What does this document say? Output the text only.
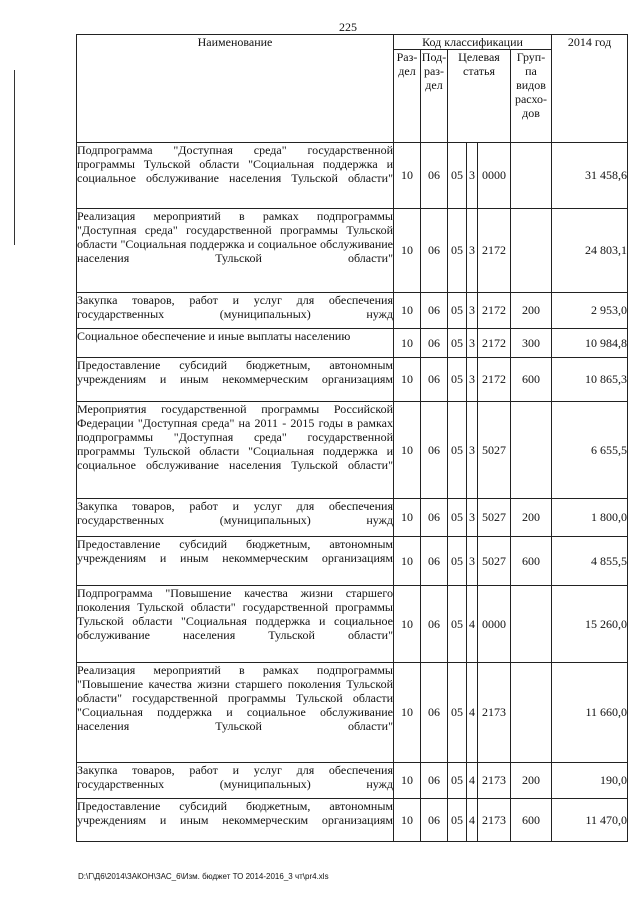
225
Наименование	Код классификации						2014 год
	Раз-дел	Под-раз-дел	Целевая статья			Груп-па видов расхо-дов	
Подпрограмма "Доступная среда" государственной программы Тульской области "Социальная поддержка и социальное обслуживание населения Тульской области"	10	06	05	3	0000		31 458,6
Реализация мероприятий в рамках подпрограммы "Доступная среда" государственной программы Тульской области "Социальная поддержка и социальное обслуживание населения Тульской области"	10	06	05	3	2172		24 803,1
Закупка товаров, работ и услуг для обеспечения государственных (муниципальных) нужд	10	06	05	3	2172	200	2 953,0
Социальное обеспечение и иные выплаты населению	10	06	05	3	2172	300	10 984,8
Предоставление субсидий бюджетным, автономным учреждениям и иным некоммерческим организациям	10	06	05	3	2172	600	10 865,3
Мероприятия государственной программы Российской Федерации "Доступная среда" на 2011 - 2015 годы в рамках подпрограммы "Доступная среда" государственной программы Тульской области "Социальная поддержка и социальное обслуживание населения Тульской области"	10	06	05	3	5027		6 655,5
Закупка товаров, работ и услуг для обеспечения государственных (муниципальных) нужд	10	06	05	3	5027	200	1 800,0
Предоставление субсидий бюджетным, автономным учреждениям и иным некоммерческим организациям	10	06	05	3	5027	600	4 855,5
Подпрограмма "Повышение качества жизни старшего поколения Тульской области" государственной программы Тульской области "Социальная поддержка и социальное обслуживание населения Тульской области"	10	06	05	4	0000		15 260,0
Реализация мероприятий в рамках подпрограммы "Повышение качества жизни старшего поколения Тульской области" государственной программы Тульской области "Социальная поддержка и социальное обслуживание населения Тульской области"	10	06	05	4	2173		11 660,0
Закупка товаров, работ и услуг для обеспечения государственных (муниципальных) нужд	10	06	05	4	2173	200	190,0
Предоставление субсидий бюджетным, автономным учреждениям и иным некоммерческим организациям	10	06	05	4	2173	600	11 470,0
D:\Г\Д6\2014\ЗАКОН\ЗАС_6\Изм. бюджет ТО 2014-2016_3 чт\pr4.xls
